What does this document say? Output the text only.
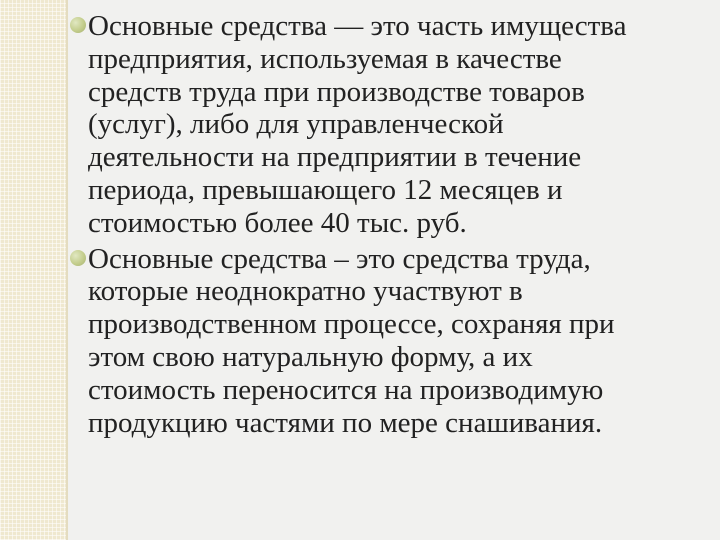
Основные средства — это часть имущества
предприятия, используемая в качестве
средств труда при производстве товаров
(услуг), либо для управленческой
деятельности на предприятии в течение
периода, превышающего 12 месяцев и
стоимостью более 40 тыс. руб.
Основные средства – это средства труда,
которые неоднократно участвуют в
производственном процессе, сохраняя при
этом свою натуральную форму, а их
стоимость переносится на производимую
продукцию частями по мере снашивания.
